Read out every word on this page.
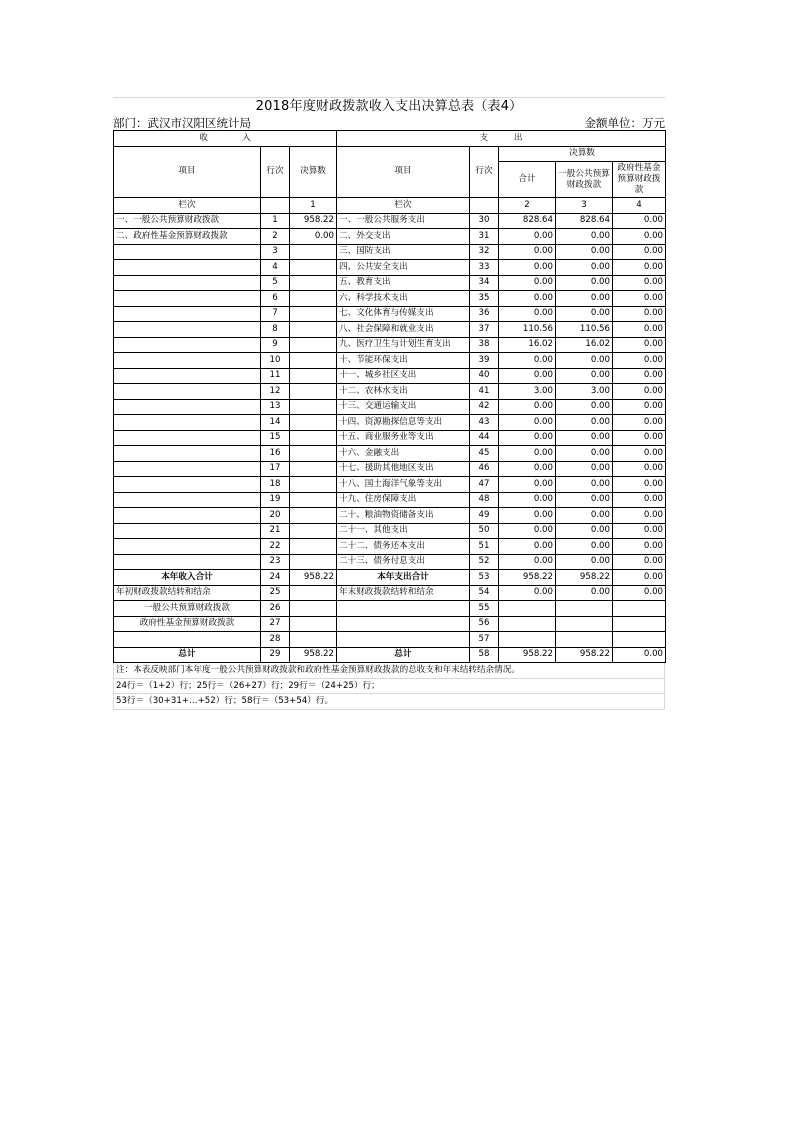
2018年度财政拨款收入支出决算总表（表4）
部门：武汉市汉阳区统计局	金额单位：万元
收　　　　入			支　　　出				
项目	行次	决算数	项目	行次	决算数		
					合计	一般公共预算财政拨款	政府性基金预算财政拨款
栏次		1	栏次		2	3	4
一、一般公共预算财政拨款	1	958.22	一、一般公共服务支出	30	828.64	828.64	0.00
二、政府性基金预算财政拨款	2	0.00	二、外交支出	31	0.00	0.00	0.00
	3		三、国防支出	32	0.00	0.00	0.00
	4		四、公共安全支出	33	0.00	0.00	0.00
	5		五、教育支出	34	0.00	0.00	0.00
	6		六、科学技术支出	35	0.00	0.00	0.00
	7		七、文化体育与传媒支出	36	0.00	0.00	0.00
	8		八、社会保障和就业支出	37	110.56	110.56	0.00
	9		九、医疗卫生与计划生育支出	38	16.02	16.02	0.00
	10		十、节能环保支出	39	0.00	0.00	0.00
	11		十一、城乡社区支出	40	0.00	0.00	0.00
	12		十二、农林水支出	41	3.00	3.00	0.00
	13		十三、交通运输支出	42	0.00	0.00	0.00
	14		十四、资源勘探信息等支出	43	0.00	0.00	0.00
	15		十五、商业服务业等支出	44	0.00	0.00	0.00
	16		十六、金融支出	45	0.00	0.00	0.00
	17		十七、援助其他地区支出	46	0.00	0.00	0.00
	18		十八、国土海洋气象等支出	47	0.00	0.00	0.00
	19		十九、住房保障支出	48	0.00	0.00	0.00
	20		二十、粮油物资储备支出	49	0.00	0.00	0.00
	21		二十一、其他支出	50	0.00	0.00	0.00
	22		二十二、债务还本支出	51	0.00	0.00	0.00
	23		二十三、债务付息支出	52	0.00	0.00	0.00
本年收入合计	24	958.22	本年支出合计	53	958.22	958.22	0.00
年初财政拨款结转和结余	25		年末财政拨款结转和结余	54	0.00	0.00	0.00
一般公共预算财政拨款	26			55			
政府性基金预算财政拨款	27			56			
	28			57			
总计	29	958.22	总计	58	958.22	958.22	0.00
注：本表反映部门本年度一般公共预算财政拨款和政府性基金预算财政拨款的总收支和年末结转结余情况。
24行＝（1+2）行；25行＝（26+27）行；29行＝（24+25）行；
53行＝（30+31+…+52）行；58行＝（53+54）行。
